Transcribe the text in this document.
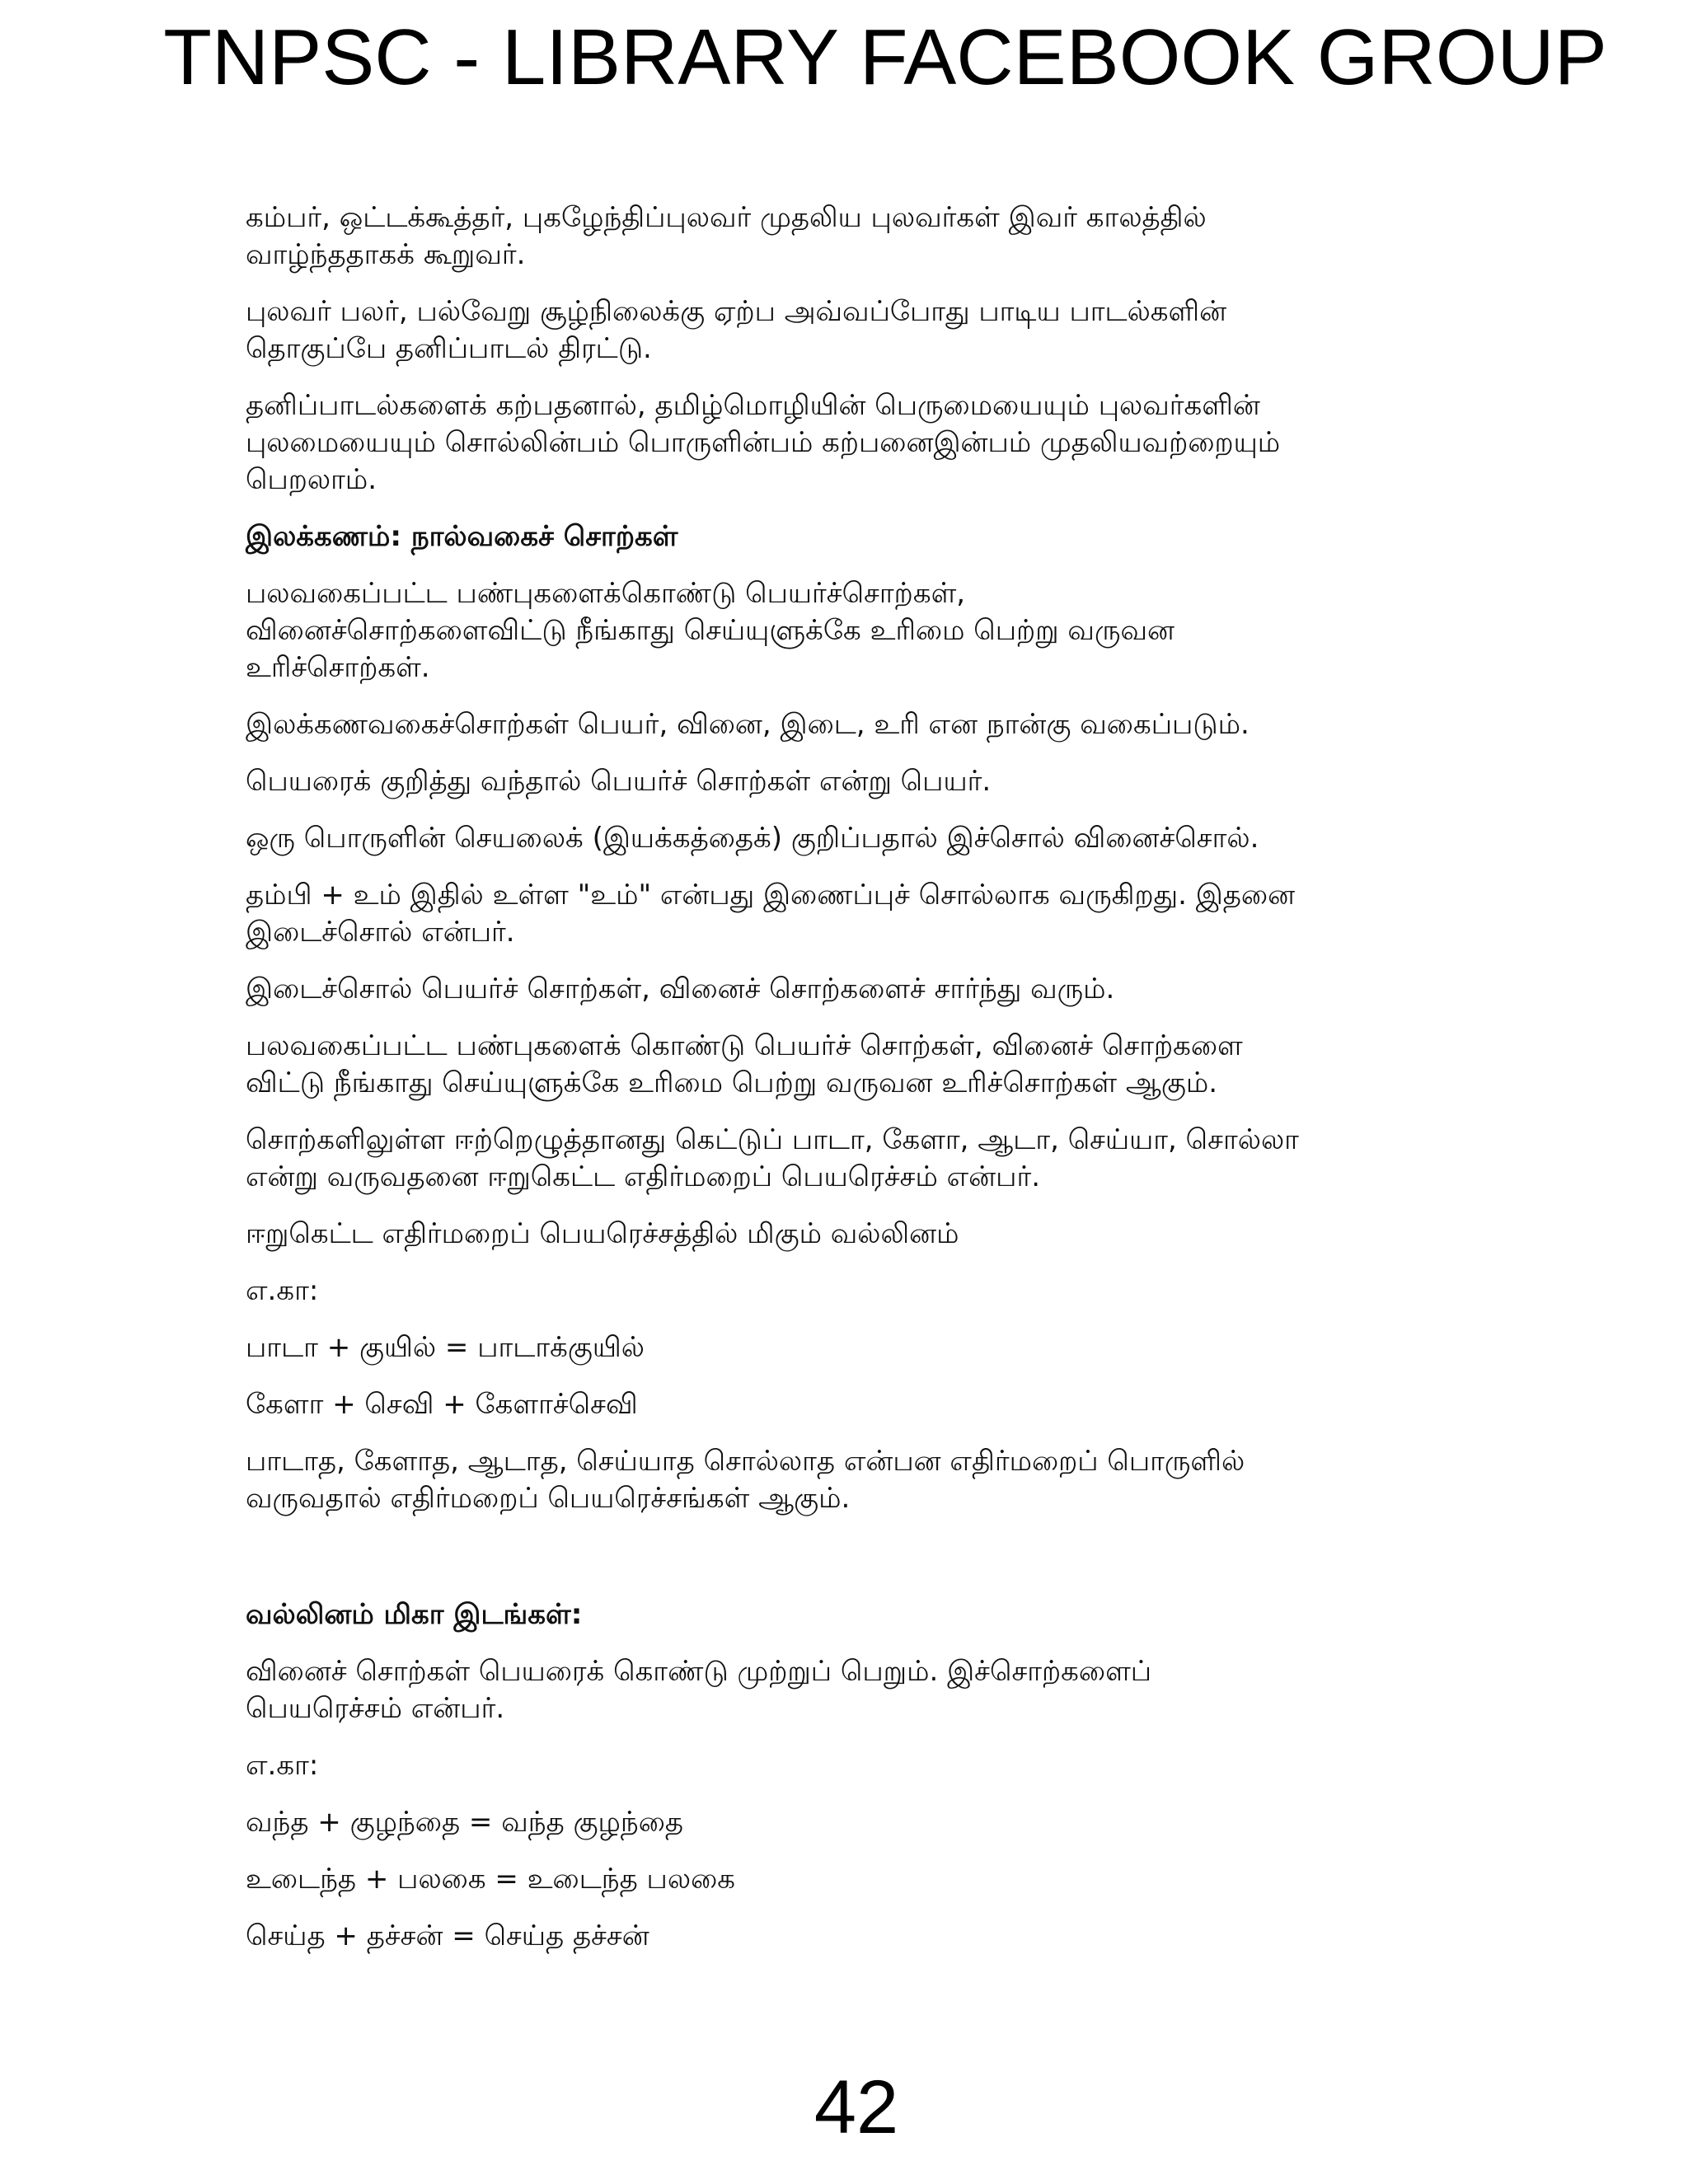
TNPSC - LIBRARY FACEBOOK GROUP

கம்பர், ஒட்டக்கூத்தர், புகழேந்திப்புலவர் முதலிய புலவர்கள் இவர் காலத்தில்
வாழ்ந்ததாகக் கூறுவர்.

புலவர் பலர், பல்வேறு சூழ்நிலைக்கு ஏற்ப அவ்வப்போது பாடிய பாடல்களின்
தொகுப்பே தனிப்பாடல் திரட்டு.

தனிப்பாடல்களைக் கற்பதனால், தமிழ்மொழியின் பெருமையையும் புலவர்களின்
புலமையையும் சொல்லின்பம் பொருளின்பம் கற்பனைஇன்பம் முதலியவற்றையும்
பெறலாம்.

இலக்கணம்: நால்வகைச் சொற்கள்

பலவகைப்பட்ட பண்புகளைக்கொண்டு பெயர்ச்சொற்கள்,
வினைச்சொற்களைவிட்டு நீங்காது செய்யுளுக்கே உரிமை பெற்று வருவன
உரிச்சொற்கள்.

இலக்கணவகைச்சொற்கள் பெயர், வினை, இடை, உரி என நான்கு வகைப்படும்.

பெயரைக் குறித்து வந்தால் பெயர்ச் சொற்கள் என்று பெயர்.

ஒரு பொருளின் செயலைக் (இயக்கத்தைக்) குறிப்பதால் இச்சொல் வினைச்சொல்.

தம்பி + உம் இதில் உள்ள "உம்" என்பது இணைப்புச் சொல்லாக வருகிறது. இதனை
இடைச்சொல் என்பர்.

இடைச்சொல் பெயர்ச் சொற்கள், வினைச் சொற்களைச் சார்ந்து வரும்.

பலவகைப்பட்ட பண்புகளைக் கொண்டு பெயர்ச் சொற்கள், வினைச் சொற்களை
விட்டு நீங்காது செய்யுளுக்கே உரிமை பெற்று வருவன உரிச்சொற்கள் ஆகும்.

சொற்களிலுள்ள ஈற்றெழுத்தானது கெட்டுப் பாடா, கேளா, ஆடா, செய்யா, சொல்லா
என்று வருவதனை ஈறுகெட்ட எதிர்மறைப் பெயரெச்சம் என்பர்.

ஈறுகெட்ட எதிர்மறைப் பெயரெச்சத்தில் மிகும் வல்லினம்

எ.கா:

பாடா + குயில் = பாடாக்குயில்

கேளா + செவி + கேளாச்செவி

பாடாத, கேளாத, ஆடாத, செய்யாத சொல்லாத என்பன எதிர்மறைப் பொருளில்
வருவதால் எதிர்மறைப் பெயரெச்சங்கள் ஆகும்.

வல்லினம் மிகா இடங்கள்:

வினைச் சொற்கள் பெயரைக் கொண்டு முற்றுப் பெறும். இச்சொற்களைப்
பெயரெச்சம் என்பர்.

எ.கா:

வந்த + குழந்தை = வந்த குழந்தை

உடைந்த + பலகை = உடைந்த பலகை

செய்த + தச்சன் = செய்த தச்சன்

42
